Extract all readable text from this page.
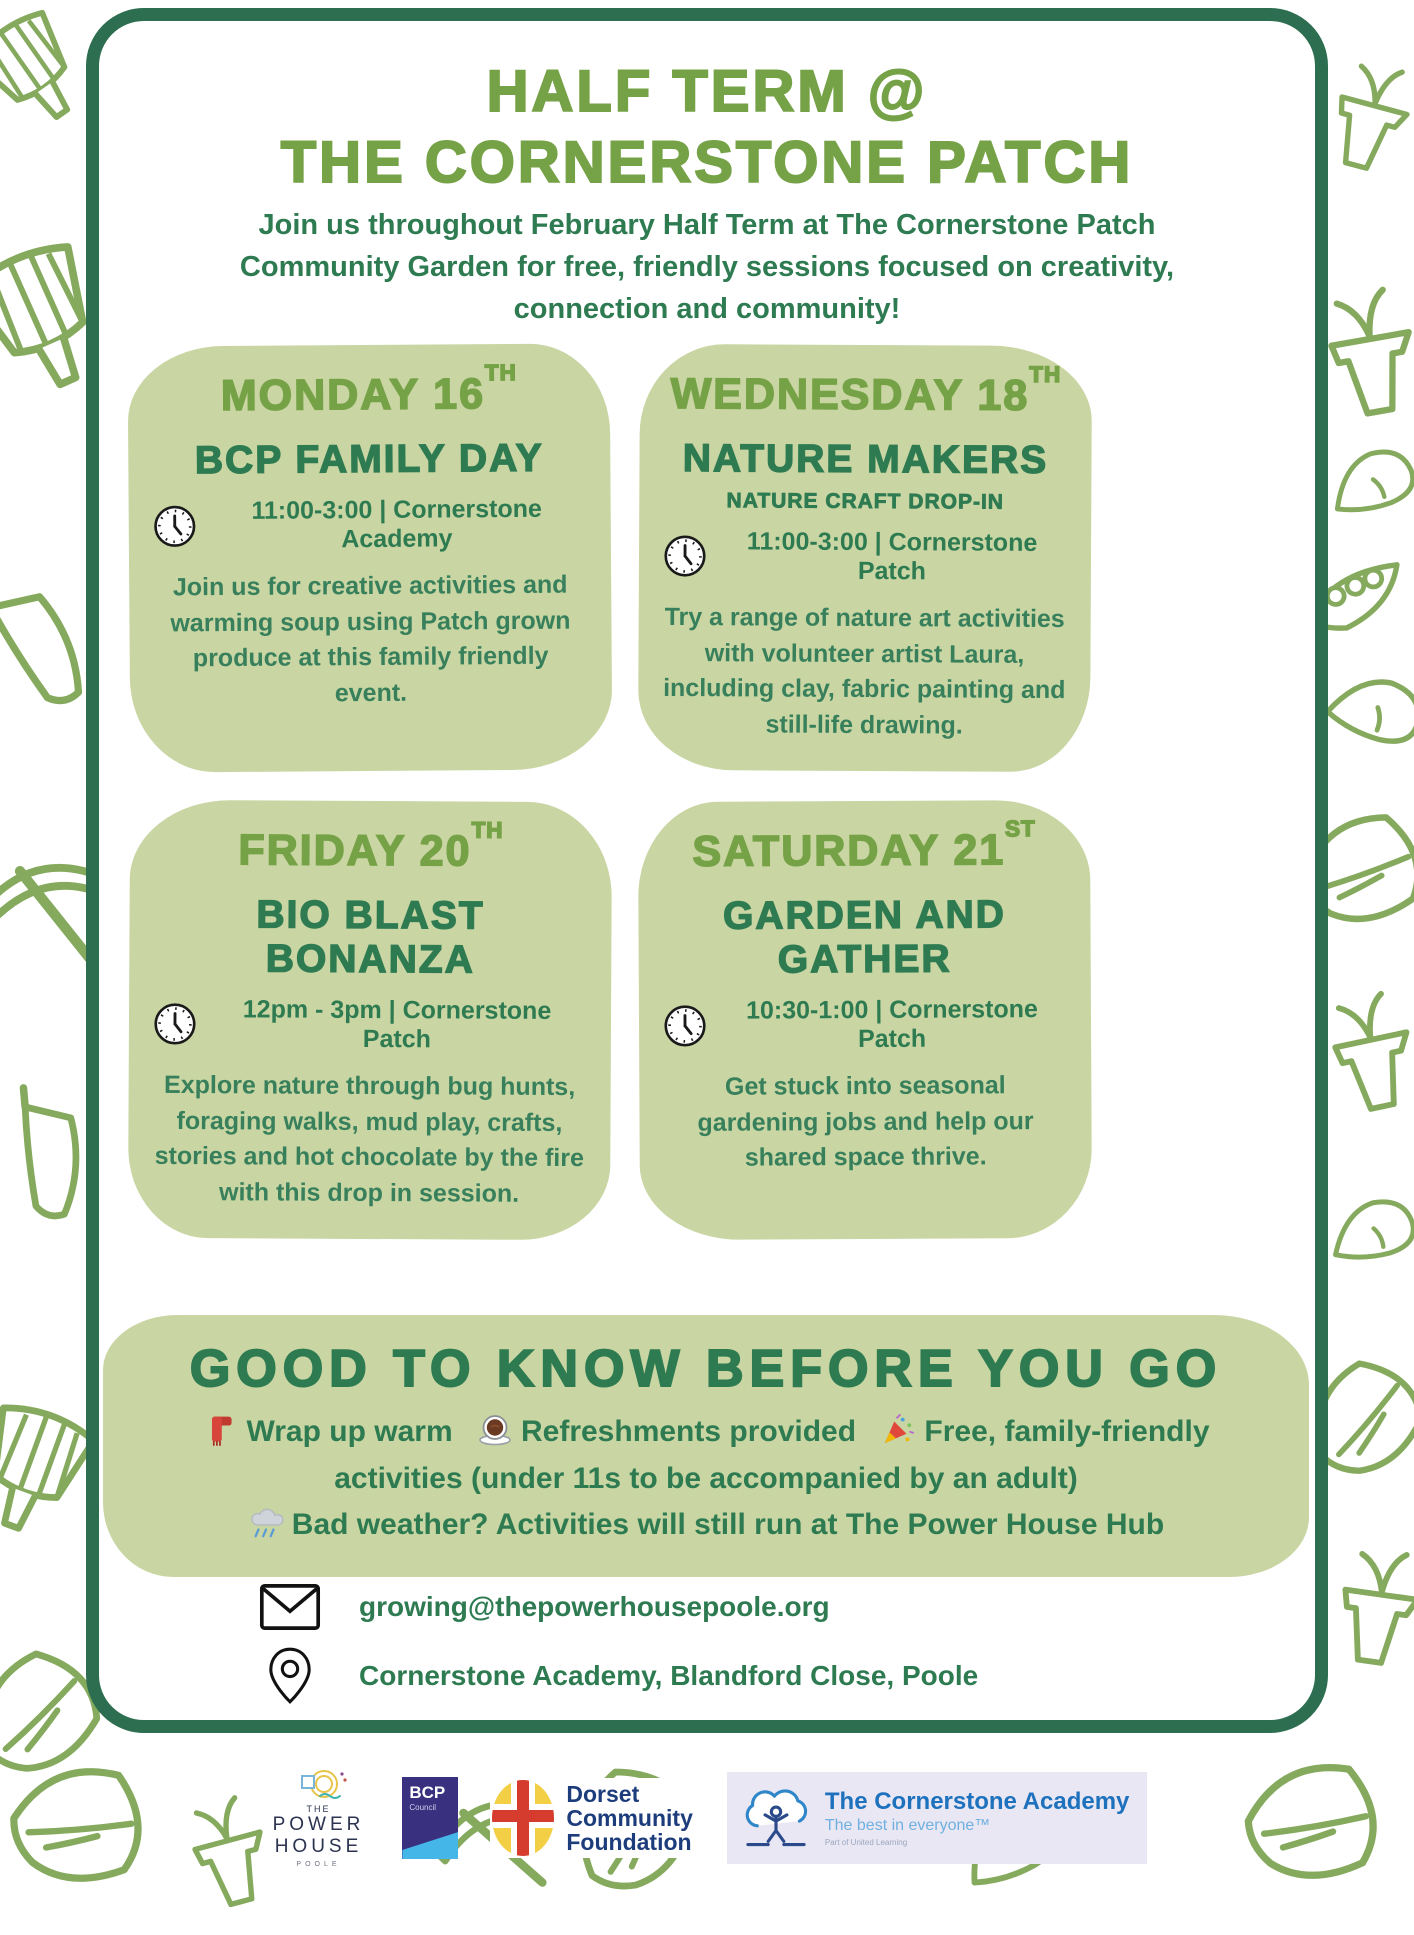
HALF TERM @
THE CORNERSTONE PATCH

Join us throughout February Half Term at The Cornerstone Patch Community Garden for free, friendly sessions focused on creativity, connection and community!

MONDAY 16TH
BCP FAMILY DAY
11:00-3:00 | Cornerstone Academy

Join us for creative activities and warming soup using Patch grown produce at this family friendly event.

WEDNESDAY 18TH
NATURE MAKERS
NATURE CRAFT DROP-IN
11:00-3:00 | Cornerstone Patch

Try a range of nature art activities with volunteer artist Laura, including clay, fabric painting and still-life drawing.

FRIDAY 20TH
BIO BLAST BONANZA
12pm - 3pm | Cornerstone Patch

Explore nature through bug hunts, foraging walks, mud play, crafts, stories and hot chocolate by the fire with this drop in session.

SATURDAY 21ST
GARDEN AND GATHER
10:30-1:00 | Cornerstone Patch

Get stuck into seasonal gardening jobs and help our shared space thrive.

GOOD TO KNOW BEFORE YOU GO

Wrap up warm Refreshments provided Free, family-friendly activities (under 11s to be accompanied by an adult)

Bad weather? Activities will still run at The Power House Hub

growing@thepowerhousepoole.org
Cornerstone Academy, Blandford Close, Poole
THE
POWER
HOUSE
POOLE
BCP
Council
Dorset
Community
Foundation
The Cornerstone Academy
The best in everyone™
Part of United Learning
